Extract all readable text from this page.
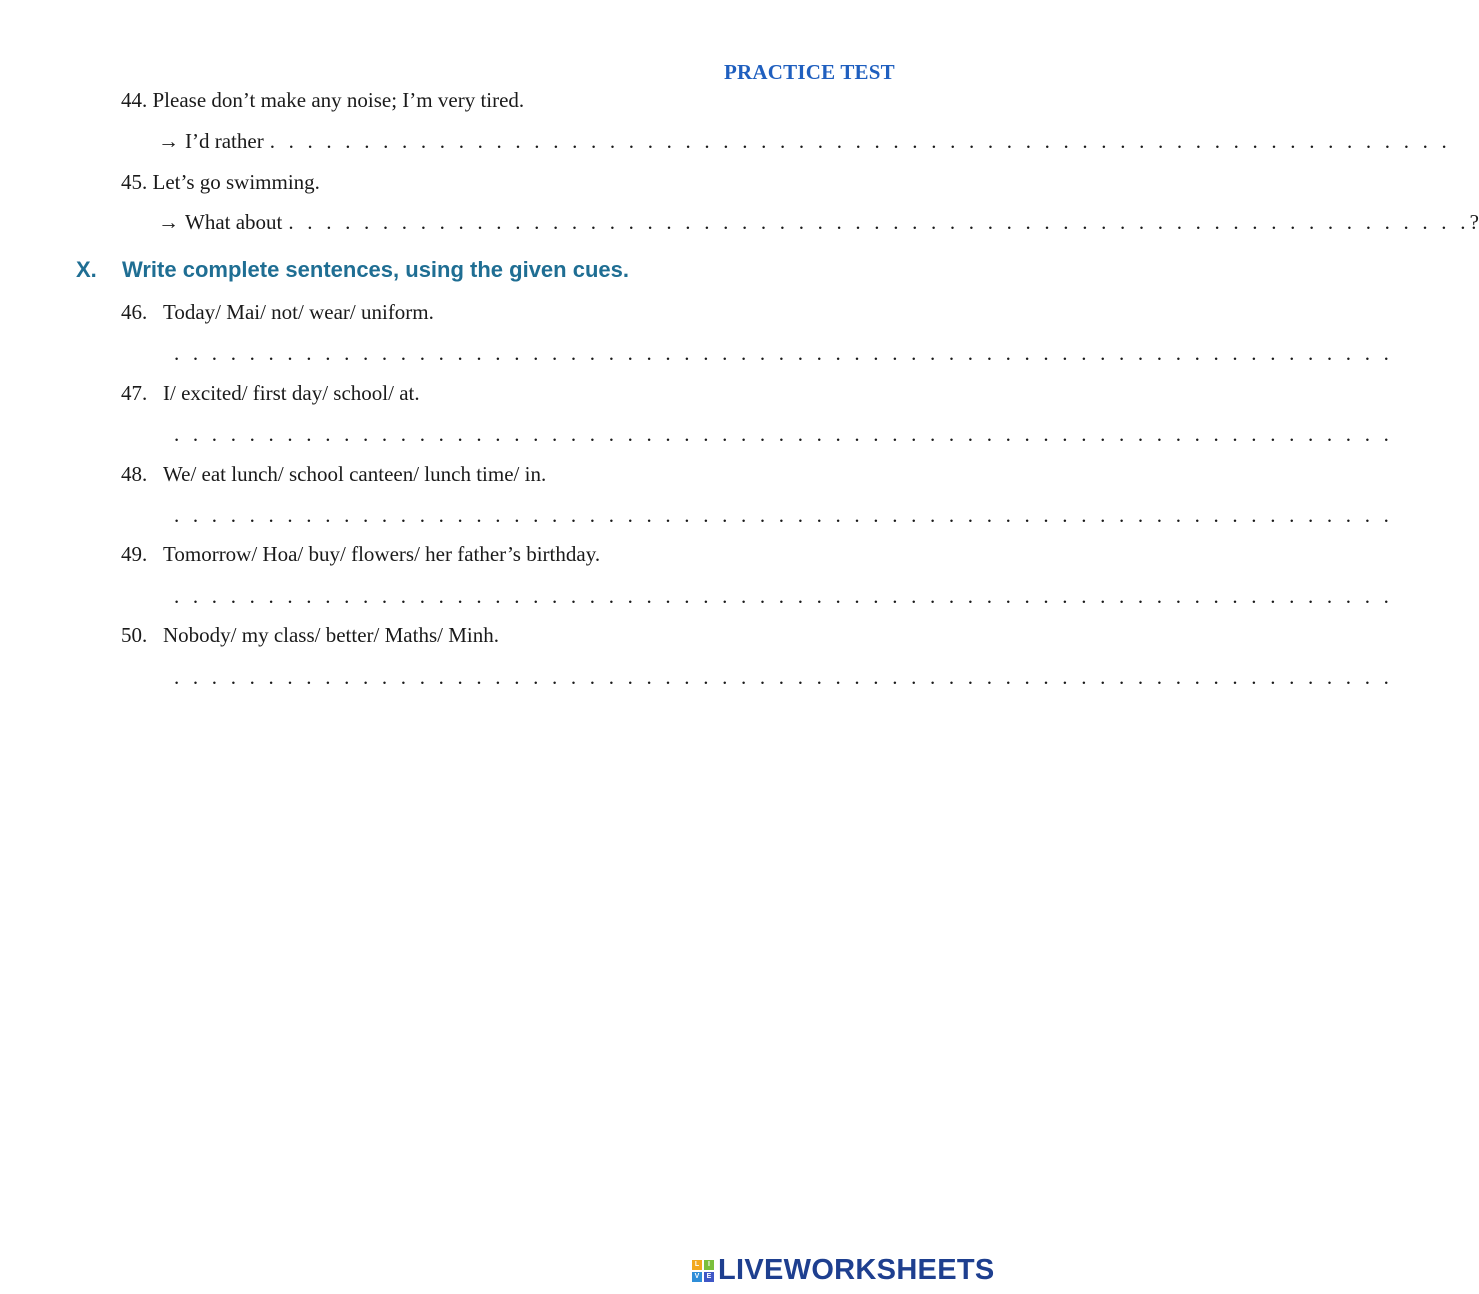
PRACTICE TEST
44. Please don’t make any noise; I’m very tired.
→ I’d rather . . . . . . . . . . . . . . . . . . . . . . . . . . . . . . . . . . . . . . . . . . . . . . . . . . . . . . . . . . . . . . .
45. Let’s go swimming.
→ What about . . . . . . . . . . . . . . . . . . . . . . . . . . . . . . . . . . . . . . . . . . . . . . . . . . . . . . . . . . . . . . . ?
X. Write complete sentences, using the given cues.
46. Today/ Mai/ not/ wear/ uniform.
. . . . . . . . . . . . . . . . . . . . . . . . . . . . . . . . . . . . . . . . . . . . . . . . . . . . . . . . . . . . . . . . .
47. I/ excited/ first day/ school/ at.
. . . . . . . . . . . . . . . . . . . . . . . . . . . . . . . . . . . . . . . . . . . . . . . . . . . . . . . . . . . . . . . . .
48. We/ eat lunch/ school canteen/ lunch time/ in.
. . . . . . . . . . . . . . . . . . . . . . . . . . . . . . . . . . . . . . . . . . . . . . . . . . . . . . . . . . . . . . . . .
49. Tomorrow/ Hoa/ buy/ flowers/ her father’s birthday.
. . . . . . . . . . . . . . . . . . . . . . . . . . . . . . . . . . . . . . . . . . . . . . . . . . . . . . . . . . . . . . . . .
50. Nobody/ my class/ better/ Maths/ Minh.
. . . . . . . . . . . . . . . . . . . . . . . . . . . . . . . . . . . . . . . . . . . . . . . . . . . . . . . . . . . . . . . . .
L	I
V	E LIVEWORKSHEETS
